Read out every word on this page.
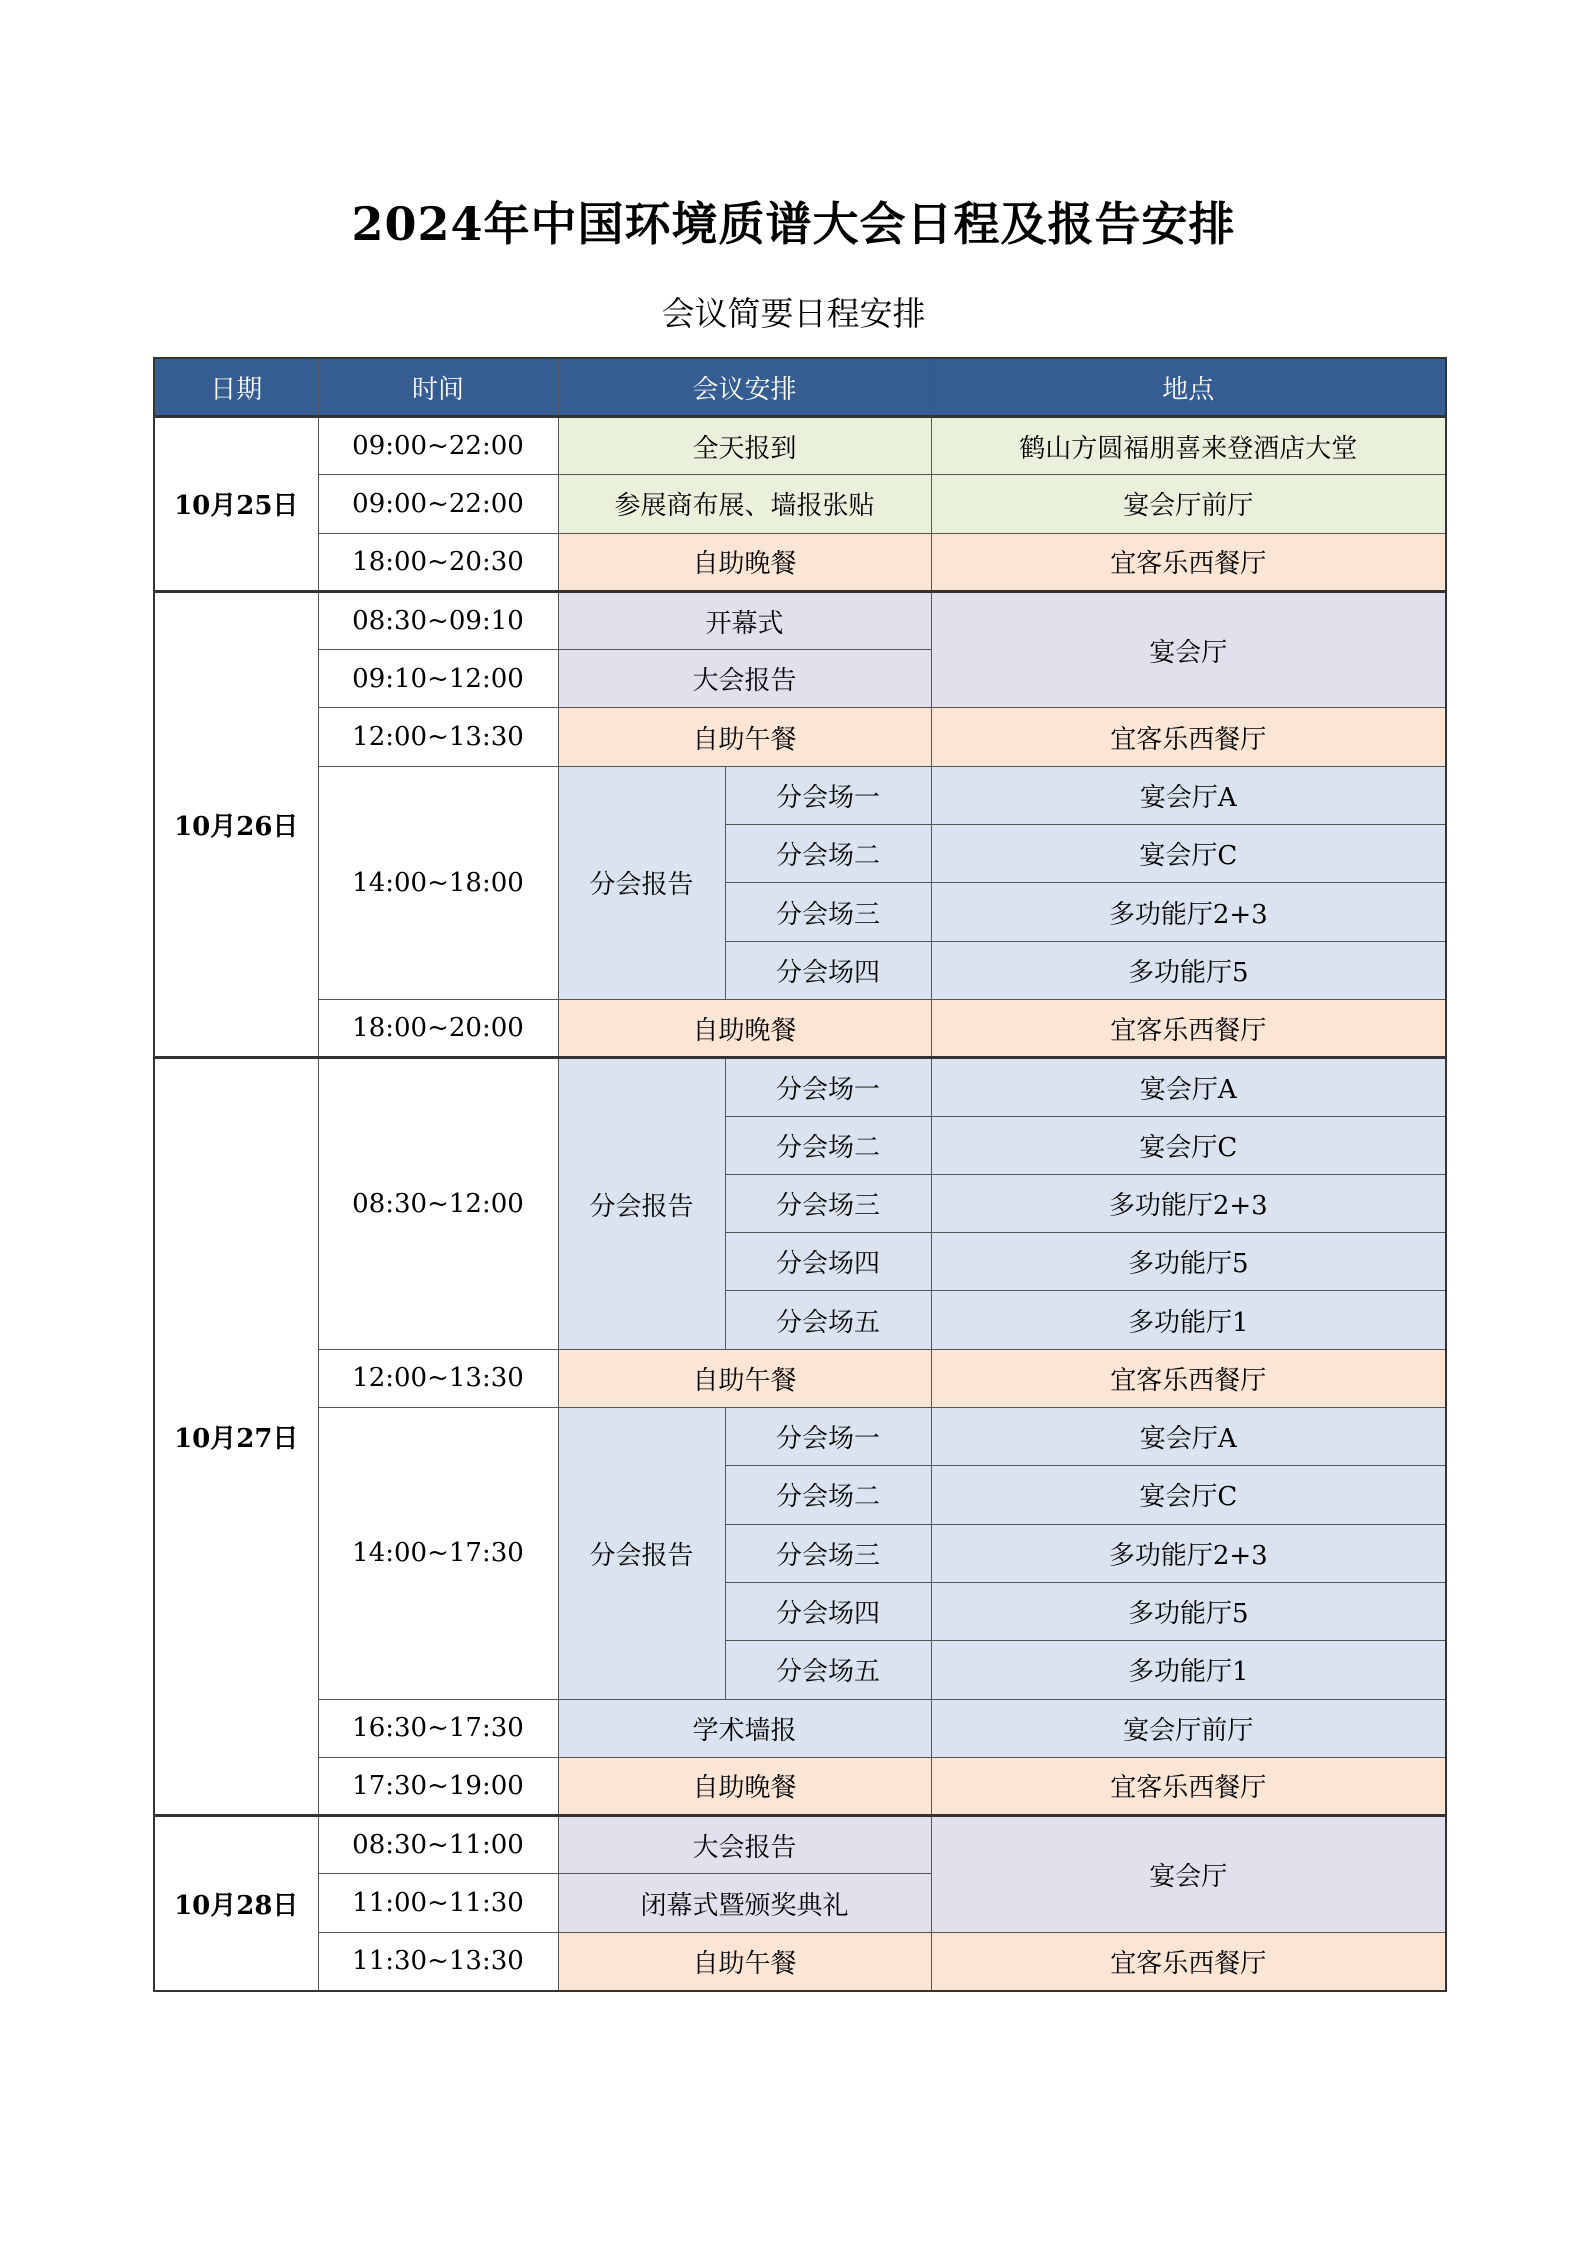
2024年中国环境质谱大会日程及报告安排
会议简要日程安排
日期	时间	会议安排		地点
10月25日	09:00~22:00	全天报到		鹤山方圆福朋喜来登酒店大堂
	09:00~22:00	参展商布展、墙报张贴		宴会厅前厅
	18:00~20:30	自助晚餐		宜客乐西餐厅
10月26日	08:30~09:10	开幕式		宴会厅
	09:10~12:00	大会报告		
	12:00~13:30	自助午餐		宜客乐西餐厅
	14:00~18:00	分会报告	分会场一	宴会厅A
			分会场二	宴会厅C
			分会场三	多功能厅2+3
			分会场四	多功能厅5
	18:00~20:00	自助晚餐		宜客乐西餐厅
10月27日	08:30~12:00	分会报告	分会场一	宴会厅A
			分会场二	宴会厅C
			分会场三	多功能厅2+3
			分会场四	多功能厅5
			分会场五	多功能厅1
	12:00~13:30	自助午餐		宜客乐西餐厅
	14:00~17:30	分会报告	分会场一	宴会厅A
			分会场二	宴会厅C
			分会场三	多功能厅2+3
			分会场四	多功能厅5
			分会场五	多功能厅1
	16:30~17:30	学术墙报		宴会厅前厅
	17:30~19:00	自助晚餐		宜客乐西餐厅
10月28日	08:30~11:00	大会报告		宴会厅
	11:00~11:30	闭幕式暨颁奖典礼		
	11:30~13:30	自助午餐		宜客乐西餐厅
